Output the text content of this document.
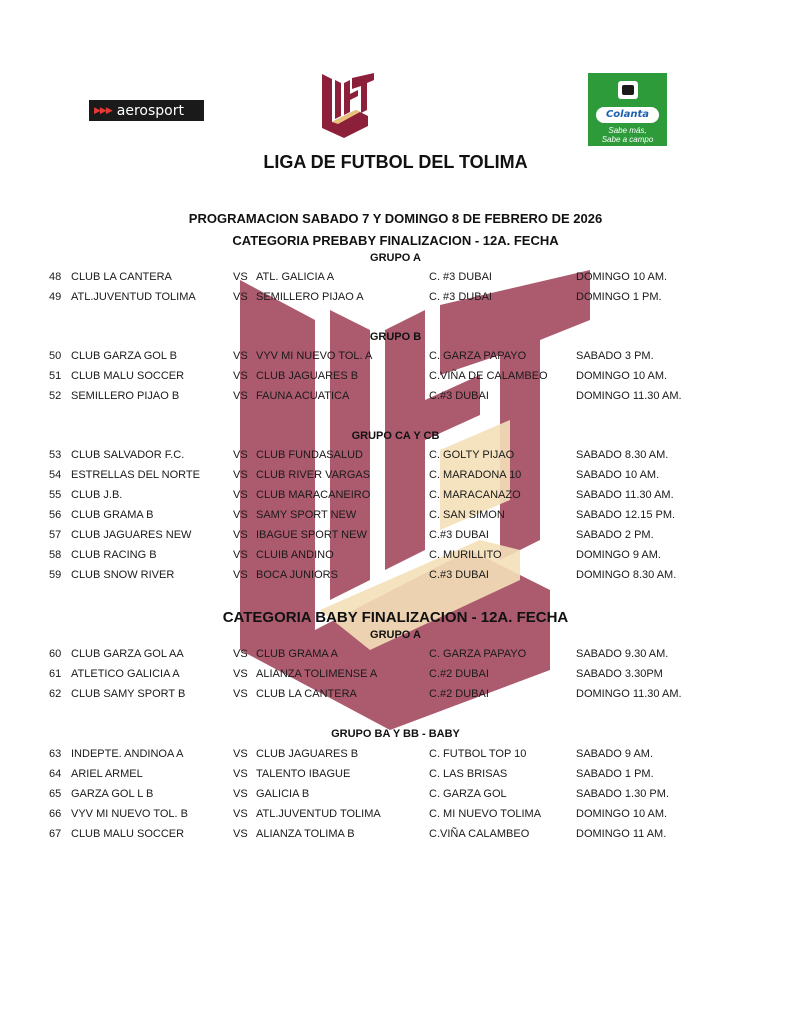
▶▶▶ aerosport	Colanta
Sabe más,
Sabe a campo
LIGA DE FUTBOL DEL TOLIMA
PROGRAMACION SABADO 7 Y DOMINGO 8 DE FEBRERO DE 2026
CATEGORIA PREBABY FINALIZACION - 12A. FECHA
GRUPO A
48 CLUB LA CANTERA	VS ATL. GALICIA A	C. #3 DUBAI	DOMINGO 10 AM.
49 ATL.JUVENTUD TOLIMA	VS SEMILLERO PIJAO A	C. #3 DUBAI	DOMINGO 1 PM.
GRUPO B
50 CLUB GARZA GOL B	VS VYV MI NUEVO TOL. A	C. GARZA PAPAYO	SABADO 3 PM.
51 CLUB MALU SOCCER	VS CLUB JAGUARES B	C.VIÑA DE CALAMBEO	DOMINGO 10 AM.
52 SEMILLERO PIJAO B	VS FAUNA ACUATICA	C.#3 DUBAI	DOMINGO 11.30 AM.
GRUPO CA Y CB
53 CLUB SALVADOR F.C.	VS CLUB FUNDASALUD	C. GOLTY PIJAO	SABADO 8.30 AM.
54 ESTRELLAS DEL NORTE	VS CLUB RIVER VARGAS	C. MARADONA 10	SABADO 10 AM.
55 CLUB J.B.	VS CLUB MARACANEIRO	C. MARACANAZO	SABADO 11.30 AM.
56 CLUB GRAMA B	VS SAMY SPORT NEW	C. SAN SIMON	SABADO 12.15 PM.
57 CLUB JAGUARES NEW	VS IBAGUE SPORT NEW	C.#3 DUBAI	SABADO 2 PM.
58 CLUB RACING B	VS CLUIB ANDINO	C. MURILLITO	DOMINGO 9 AM.
59 CLUB SNOW RIVER	VS BOCA JUNIORS	C.#3 DUBAI	DOMINGO 8.30 AM.
CATEGORIA BABY FINALIZACION - 12A. FECHA
GRUPO A
60 CLUB GARZA GOL AA	VS CLUB GRAMA A	C. GARZA PAPAYO	SABADO 9.30 AM.
61 ATLETICO GALICIA A	VS ALIANZA TOLIMENSE A	C.#2 DUBAI	SABADO 3.30PM
62 CLUB SAMY SPORT B	VS CLUB LA CANTERA	C.#2 DUBAI	DOMINGO 11.30 AM.
GRUPO BA Y BB - BABY
63 INDEPTE. ANDINOA A	VS CLUB JAGUARES B	C. FUTBOL TOP 10	SABADO 9 AM.
64 ARIEL ARMEL	VS TALENTO IBAGUE	C. LAS BRISAS	SABADO 1 PM.
65 GARZA GOL L B	VS GALICIA B	C. GARZA GOL	SABADO 1.30 PM.
66 VYV MI NUEVO TOL. B	VS ATL.JUVENTUD TOLIMA	C. MI NUEVO TOLIMA	DOMINGO 10 AM.
67 CLUB MALU SOCCER	VS ALIANZA TOLIMA B	C.VIÑA CALAMBEO	DOMINGO 11 AM.
